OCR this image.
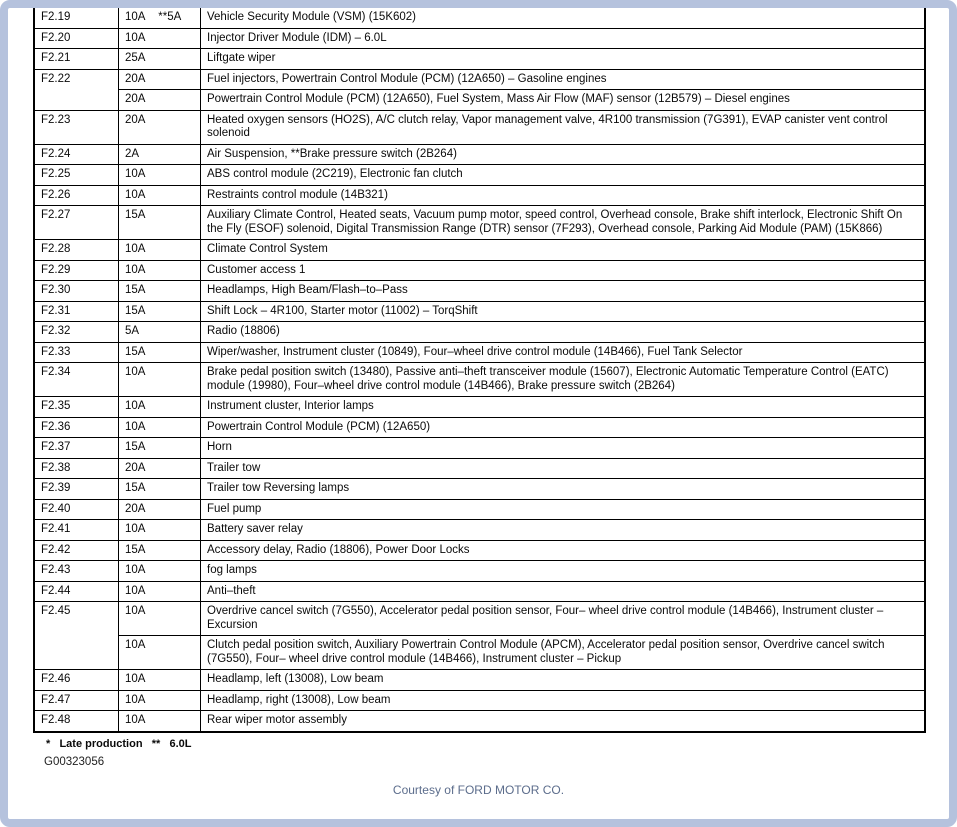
F2.19	10A    **5A	Vehicle Security Module (VSM) (15K602)
F2.20	10A	Injector Driver Module (IDM) – 6.0L
F2.21	25A	Liftgate wiper
F2.22	20A	Fuel injectors, Powertrain Control Module (PCM) (12A650) – Gasoline engines
	20A	Powertrain Control Module (PCM) (12A650), Fuel System, Mass Air Flow (MAF) sensor (12B579) – Diesel engines
F2.23	20A	Heated oxygen sensors (HO2S), A/C clutch relay, Vapor management valve, 4R100 transmission (7G391), EVAP canister vent control solenoid
F2.24	2A	Air Suspension, **Brake pressure switch (2B264)
F2.25	10A	ABS control module (2C219), Electronic fan clutch
F2.26	10A	Restraints control module (14B321)
F2.27	15A	Auxiliary Climate Control, Heated seats, Vacuum pump motor, speed control, Overhead console, Brake shift interlock, Electronic Shift On the Fly (ESOF) solenoid, Digital Transmission Range (DTR) sensor (7F293), Overhead console, Parking Aid Module (PAM) (15K866)
F2.28	10A	Climate Control System
F2.29	10A	Customer access 1
F2.30	15A	Headlamps, High Beam/Flash–to–Pass
F2.31	15A	Shift Lock – 4R100, Starter motor (11002) – TorqShift
F2.32	5A	Radio (18806)
F2.33	15A	Wiper/washer, Instrument cluster (10849), Four–wheel drive control module (14B466), Fuel Tank Selector
F2.34	10A	Brake pedal position switch (13480), Passive anti–theft transceiver module (15607), Electronic Automatic Temperature Control (EATC) module (19980), Four–wheel drive control module (14B466), Brake pressure switch (2B264)
F2.35	10A	Instrument cluster, Interior lamps
F2.36	10A	Powertrain Control Module (PCM) (12A650)
F2.37	15A	Horn
F2.38	20A	Trailer tow
F2.39	15A	Trailer tow Reversing lamps
F2.40	20A	Fuel pump
F2.41	10A	Battery saver relay
F2.42	15A	Accessory delay, Radio (18806), Power Door Locks
F2.43	10A	fog lamps
F2.44	10A	Anti–theft
F2.45	10A	Overdrive cancel switch (7G550), Accelerator pedal position sensor, Four– wheel drive control module (14B466), Instrument cluster – Excursion
	10A	Clutch pedal position switch, Auxiliary Powertrain Control Module (APCM), Accelerator pedal position sensor, Overdrive cancel switch (7G550), Four– wheel drive control module (14B466), Instrument cluster – Pickup
F2.46	10A	Headlamp, left (13008), Low beam
F2.47	10A	Headlamp, right (13008), Low beam
F2.48	10A	Rear wiper motor assembly
*   Late production   **   6.0L
G00323056
Courtesy of FORD MOTOR CO.
